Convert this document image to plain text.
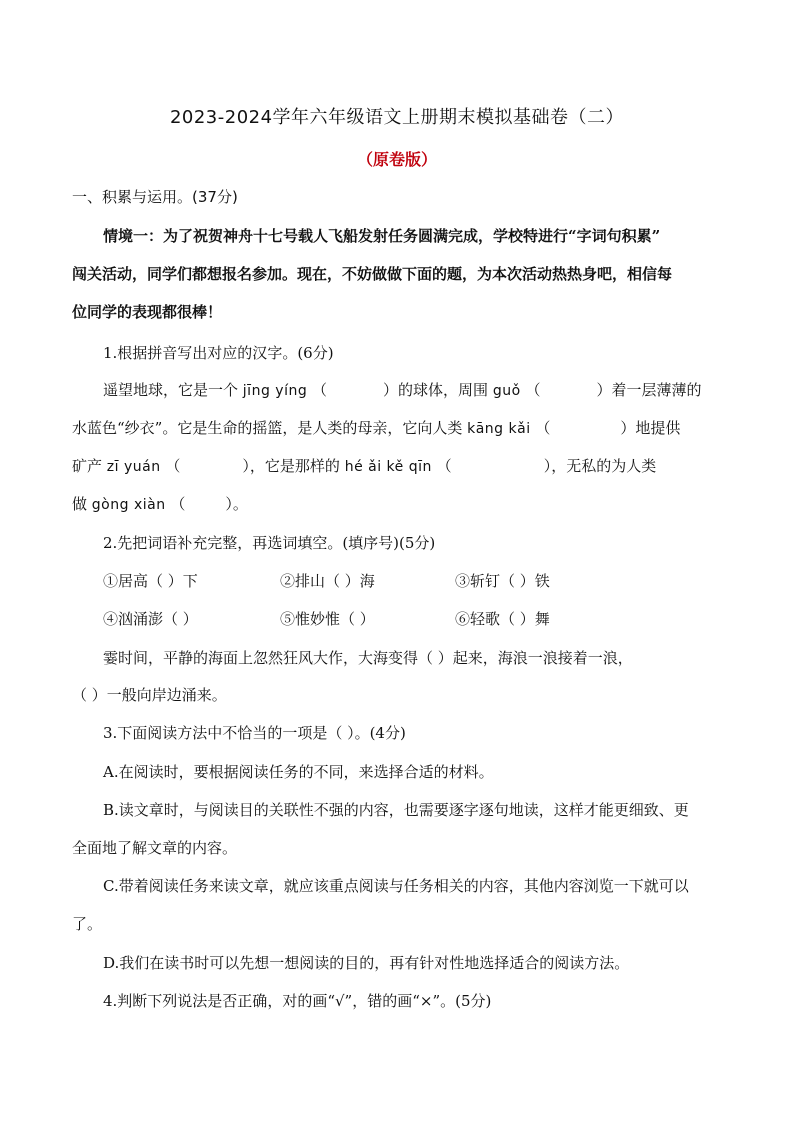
2023-2024学年六年级语文上册期末模拟基础卷（二）
（原卷版）
一、积累与运用。(37分)
情境一：为了祝贺神舟十七号载人飞船发射任务圆满完成，学校特进行“字词句积累”
闯关活动，同学们都想报名参加。现在，不妨做做下面的题，为本次活动热热身吧，相信每
位同学的表现都很棒！
1.根据拼音写出对应的汉字。(6分)
遥望地球，它是一个 jīng yíng （	）的球体，周围 guǒ （	）着一层薄薄的
水蓝色“纱衣”。它是生命的摇篮，是人类的母亲，它向人类 kāng kǎi （	）地提供
矿产 zī yuán （	），它是那样的 hé ǎi kě qīn （	），无私的为人类
做 gòng xiàn （	）。
2.先把词语补充完整，再选词填空。(填序号)(5分)
①居高（ ）下	②排山（ ）海	③斩钉（ ）铁
④汹涌澎（ ）	⑤惟妙惟（ ）	⑥轻歌（ ）舞
霎时间，平静的海面上忽然狂风大作，大海变得（ ）起来，海浪一浪接着一浪，
（ ）一般向岸边涌来。
3.下面阅读方法中不恰当的一项是（ ）。(4分)
A.在阅读时，要根据阅读任务的不同，来选择合适的材料。
B.读文章时，与阅读目的关联性不强的内容，也需要逐字逐句地读，这样才能更细致、更
全面地了解文章的内容。
C.带着阅读任务来读文章，就应该重点阅读与任务相关的内容，其他内容浏览一下就可以
了。
D.我们在读书时可以先想一想阅读的目的，再有针对性地选择适合的阅读方法。
4.判断下列说法是否正确，对的画“√”，错的画“×”。(5分)
